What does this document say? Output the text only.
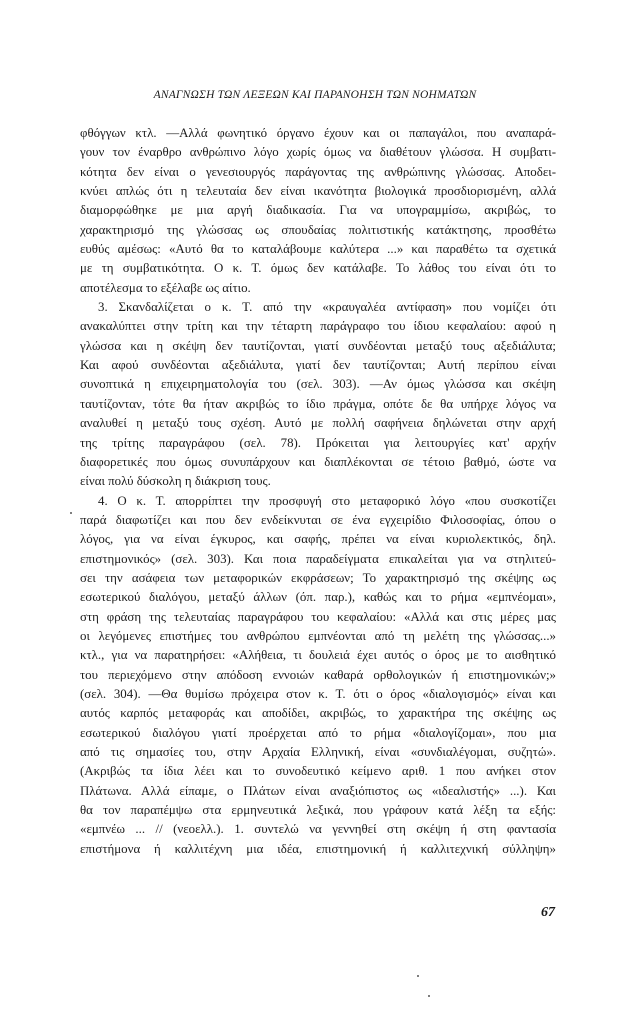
ΑΝΑΓΝΩΣΗ ΤΩΝ ΛΕΞΕΩΝ ΚΑΙ ΠΑΡΑΝΟΗΣΗ ΤΩΝ ΝΟΗΜΑΤΩΝ
φθόγγων κτλ. —Αλλά φωνητικό όργανο έχουν και οι παπαγάλοι, που αναπαρά-
γουν τον έναρθρο ανθρώπινο λόγο χωρίς όμως να διαθέτουν γλώσσα. Η συμβατι-
κότητα δεν είναι ο γενεσιουργός παράγοντας της ανθρώπινης γλώσσας. Αποδει-
κνύει απλώς ότι η τελευταία δεν είναι ικανότητα βιολογικά προσδιορισμένη, αλλά
διαμορφώθηκε με μια αργή διαδικασία. Για να υπογραμμίσω, ακριβώς, το
χαρακτηρισμό της γλώσσας ως σπουδαίας πολιτιστικής κατάκτησης, προσθέτω
ευθύς αμέσως: «Αυτό θα το καταλάβουμε καλύτερα ...» και παραθέτω τα σχετικά
με τη συμβατικότητα. Ο κ. Τ. όμως δεν κατάλαβε. Το λάθος του είναι ότι το
αποτέλεσμα το εξέλαβε ως αίτιο.
3. Σκανδαλίζεται ο κ. Τ. από την «κραυγαλέα αντίφαση» που νομίζει ότι
ανακαλύπτει στην τρίτη και την τέταρτη παράγραφο του ίδιου κεφαλαίου: αφού η
γλώσσα και η σκέψη δεν ταυτίζονται, γιατί συνδέονται μεταξύ τους αξεδιάλυτα;
Και αφού συνδέονται αξεδιάλυτα, γιατί δεν ταυτίζονται; Αυτή περίπου είναι
συνοπτικά η επιχειρηματολογία του (σελ. 303). —Αν όμως γλώσσα και σκέψη
ταυτίζονταν, τότε θα ήταν ακριβώς το ίδιο πράγμα, οπότε δε θα υπήρχε λόγος να
αναλυθεί η μεταξύ τους σχέση. Αυτό με πολλή σαφήνεια δηλώνεται στην αρχή
της τρίτης παραγράφου (σελ. 78). Πρόκειται για λειτουργίες κατ' αρχήν
διαφορετικές που όμως συνυπάρχουν και διαπλέκονται σε τέτοιο βαθμό, ώστε να
είναι πολύ δύσκολη η διάκριση τους.
4. Ο κ. Τ. απορρίπτει την προσφυγή στο μεταφορικό λόγο «που συσκοτίζει
παρά διαφωτίζει και που δεν ενδείκνυται σε ένα εγχειρίδιο Φιλοσοφίας, όπου ο
λόγος, για να είναι έγκυρος, και σαφής, πρέπει να είναι κυριολεκτικός, δηλ.
επιστημονικός» (σελ. 303). Και ποια παραδείγματα επικαλείται για να στηλιτεύ-
σει την ασάφεια των μεταφορικών εκφράσεων; Το χαρακτηρισμό της σκέψης ως
εσωτερικού διαλόγου, μεταξύ άλλων (όπ. παρ.), καθώς και το ρήμα «εμπνέομαι»,
στη φράση της τελευταίας παραγράφου του κεφαλαίου: «Αλλά και στις μέρες μας
οι λεγόμενες επιστήμες του ανθρώπου εμπνέονται από τη μελέτη της γλώσσας...»
κτλ., για να παρατηρήσει: «Αλήθεια, τι δουλειά έχει αυτός ο όρος με το αισθητικό
του περιεχόμενο στην απόδοση εννοιών καθαρά ορθολογικών ή επιστημονικών;»
(σελ. 304). —Θα θυμίσω πρόχειρα στον κ. Τ. ότι ο όρος «διαλογισμός» είναι και
αυτός καρπός μεταφοράς και αποδίδει, ακριβώς, το χαρακτήρα της σκέψης ως
εσωτερικού διαλόγου γιατί προέρχεται από το ρήμα «διαλογίζομαι», που μια
από τις σημασίες του, στην Αρχαία Ελληνική, είναι «συνδιαλέγομαι, συζητώ».
(Ακριβώς τα ίδια λέει και το συνοδευτικό κείμενο αριθ. 1 που ανήκει στον
Πλάτωνα. Αλλά είπαμε, ο Πλάτων είναι αναξιόπιστος ως «ιδεαλιστής» ...). Και
θα τον παραπέμψω στα ερμηνευτικά λεξικά, που γράφουν κατά λέξη τα εξής:
«εμπνέω ... // (νεοελλ.). 1. συντελώ να γεννηθεί στη σκέψη ή στη φαντασία
επιστήμονα ή καλλιτέχνη μια ιδέα, επιστημονική ή καλλιτεχνική σύλληψη»
67
